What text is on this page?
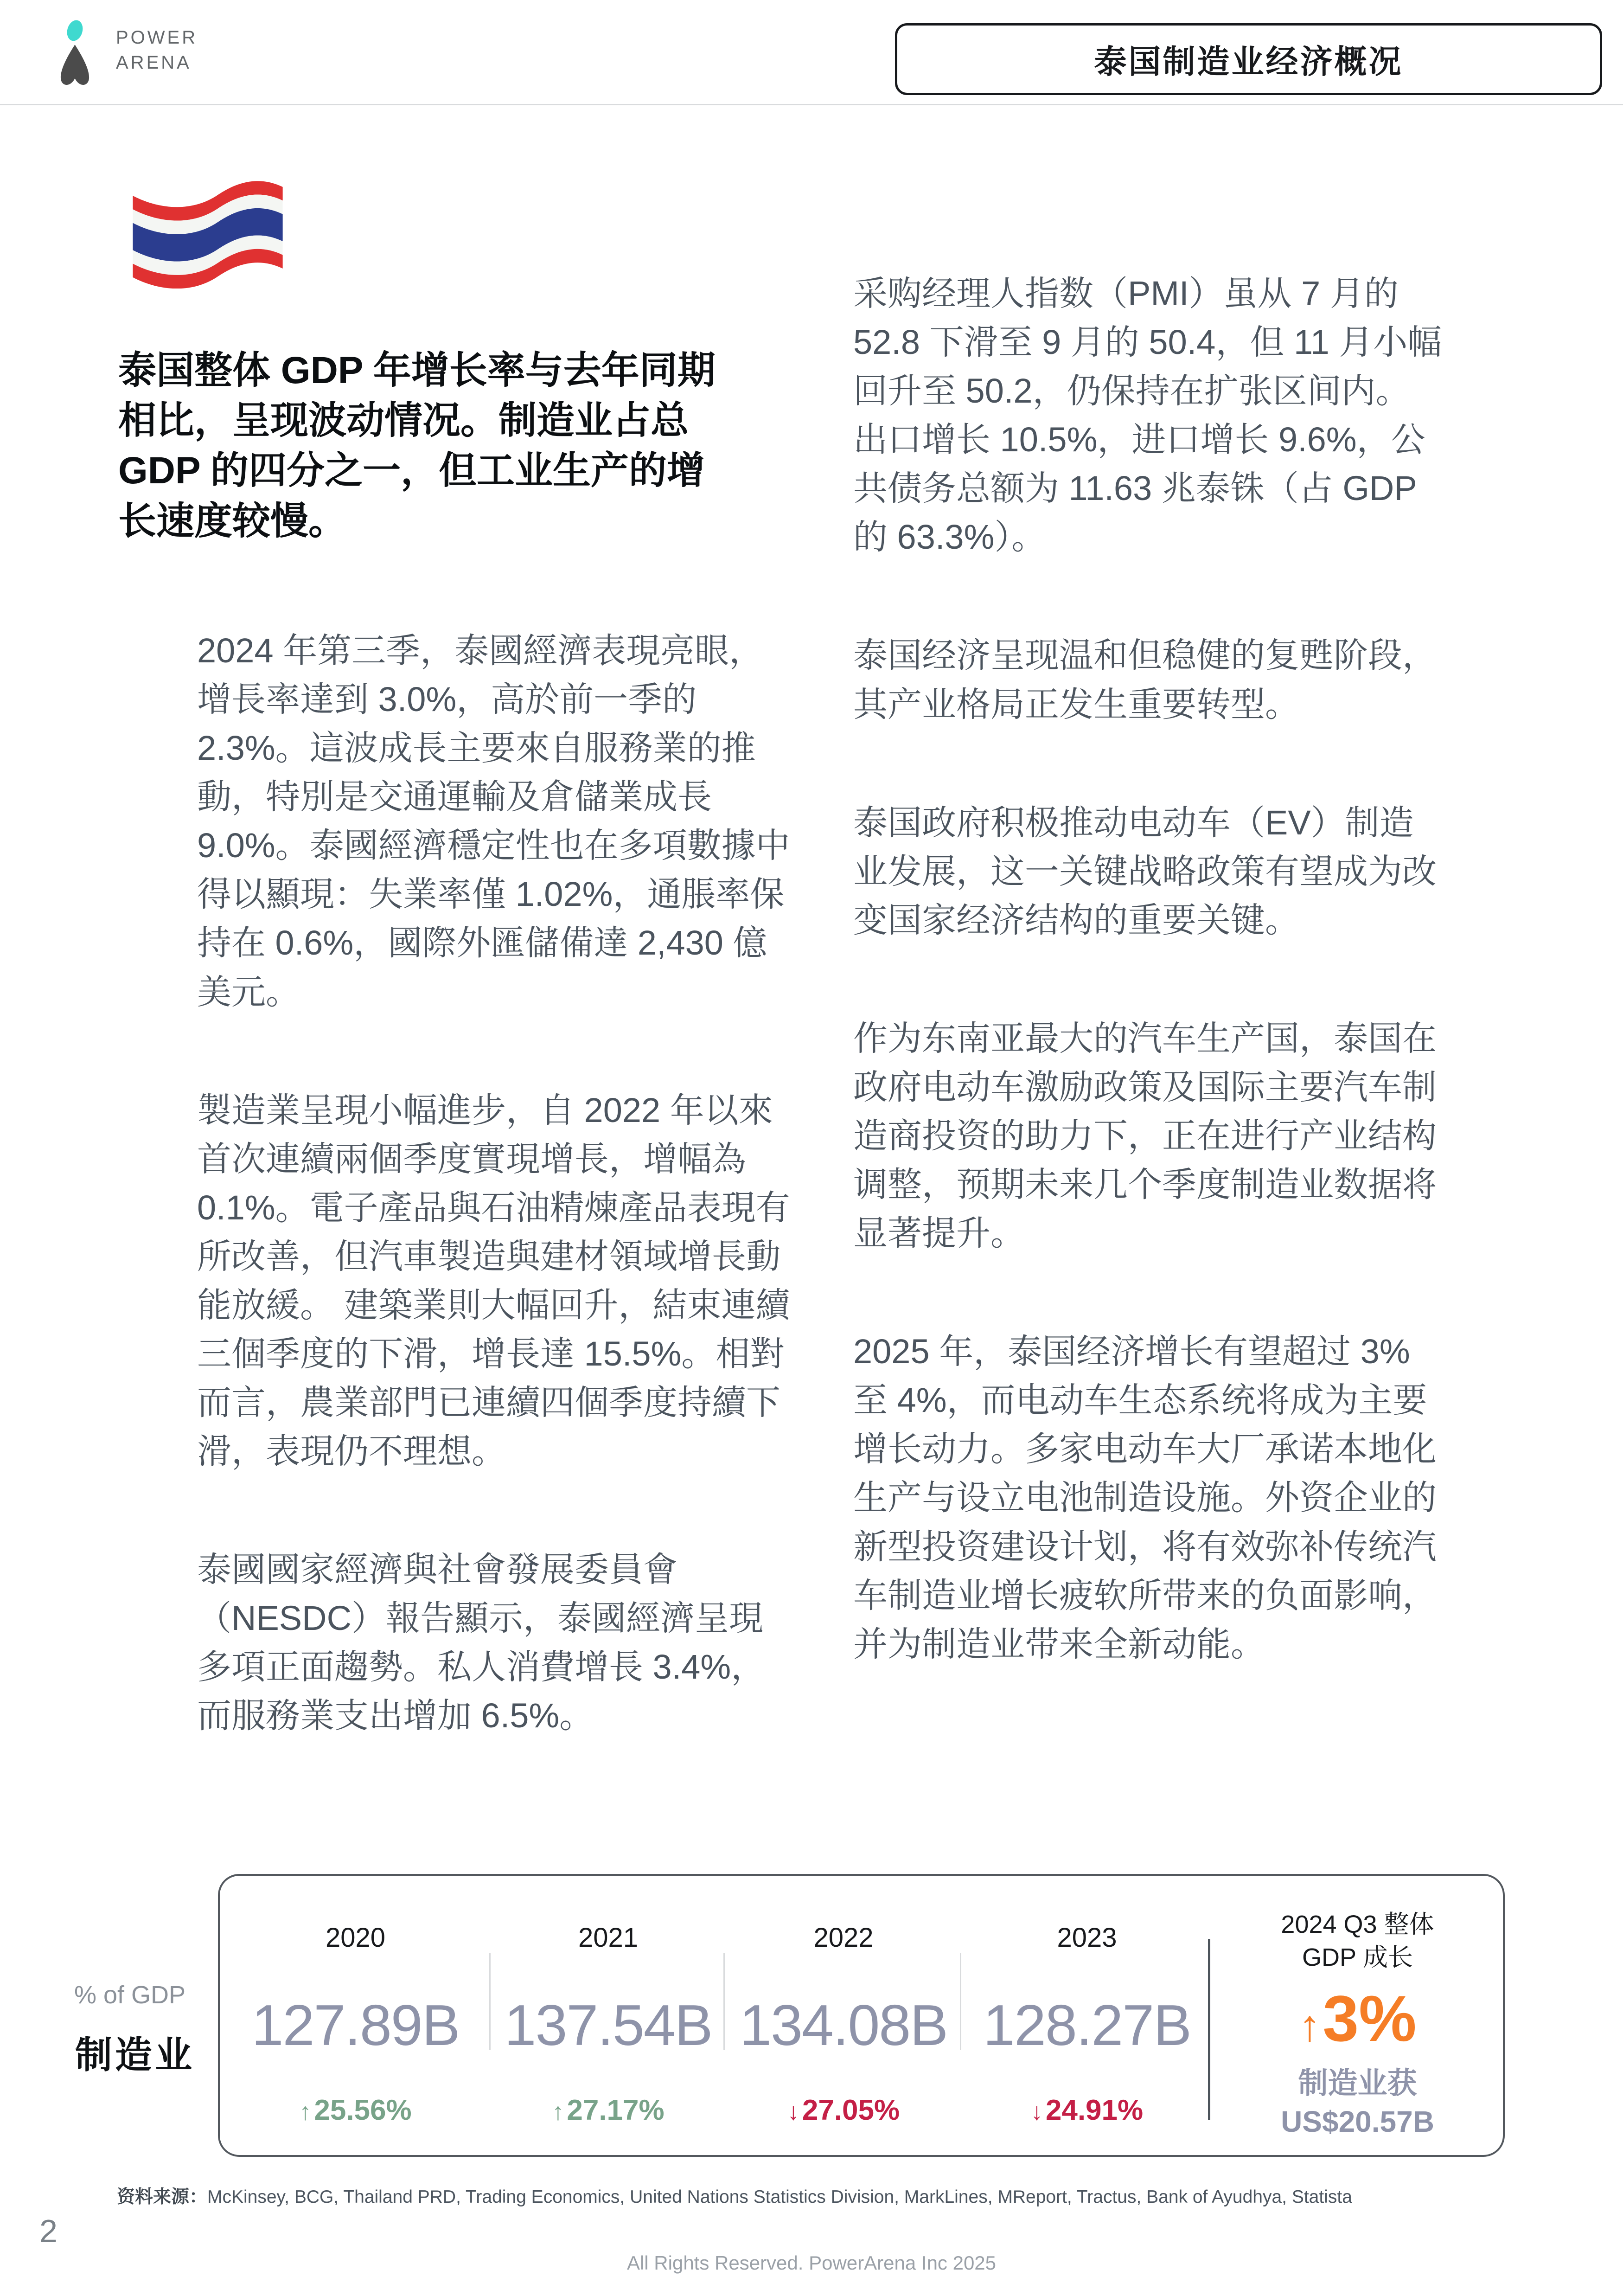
POWER
ARENA	泰国制造业经济概况
泰国整体 GDP 年增长率与去年同期相比，呈现波动情况。制造业占总 GDP 的四分之一，但工业生产的增长速度较慢。

2024 年第三季，泰國經濟表現亮眼，增長率達到 3.0%，高於前一季的 2.3%。這波成長主要來自服務業的推動，特別是交通運輸及倉儲業成長 9.0%。泰國經濟穩定性也在多項數據中得以顯現：失業率僅 1.02%，通脹率保持在 0.6%，國際外匯儲備達 2,430 億美元。

製造業呈現小幅進步，自 2022 年以來首次連續兩個季度實現增長，增幅為 0.1%。電子產品與石油精煉產品表現有所改善，但汽車製造與建材領域增長動能放緩。 建築業則大幅回升，結束連續三個季度的下滑，增長達 15.5%。相對而言，農業部門已連續四個季度持續下滑，表現仍不理想。

泰國國家經濟與社會發展委員會（NESDC）報告顯示，泰國經濟呈現多項正面趨勢。私人消費增長 3.4%， 而服務業支出增加 6.5%。

采购经理人指数（PMI）虽从 7 月的 52.8 下滑至 9 月的 50.4，但 11 月小幅回升至 50.2，仍保持在扩张区间内。出口增长 10.5%，进口增长 9.6%，公共债务总额为 11.63 兆泰铢（占 GDP 的 63.3%）。

泰国经济呈现温和但稳健的复甦阶段，其产业格局正发生重要转型。

泰国政府积极推动电动车（EV）制造业发展，这一关键战略政策有望成为改变国家经济结构的重要关键。

作为东南亚最大的汽车生产国，泰国在政府电动车激励政策及国际主要汽车制造商投资的助力下，正在进行产业结构调整，预期未来几个季度制造业数据将显著提升。

2025 年，泰国经济增长有望超过 3% 至 4%，而电动车生态系统将成为主要增长动力。多家电动车大厂承诺本地化生产与设立电池制造设施。外资企业的新型投资建设计划，将有效弥补传统汽车制造业增长疲软所带来的负面影响，并为制造业带来全新动能。

% of GDP
制造业
2020
127.89B
↑25.56%
2021
137.54B
↑27.17%
2022
134.08B
↓27.05%
2023
128.27B
↓24.91%
2024 Q3 整体
GDP 成长
↑3%
制造业获
US$20.57B
资料来源：McKinsey, BCG, Thailand PRD, Trading Economics, United Nations Statistics Division, MarkLines, MReport, Tractus, Bank of Ayudhya, Statista
2
All Rights Reserved. PowerArena Inc 2025
